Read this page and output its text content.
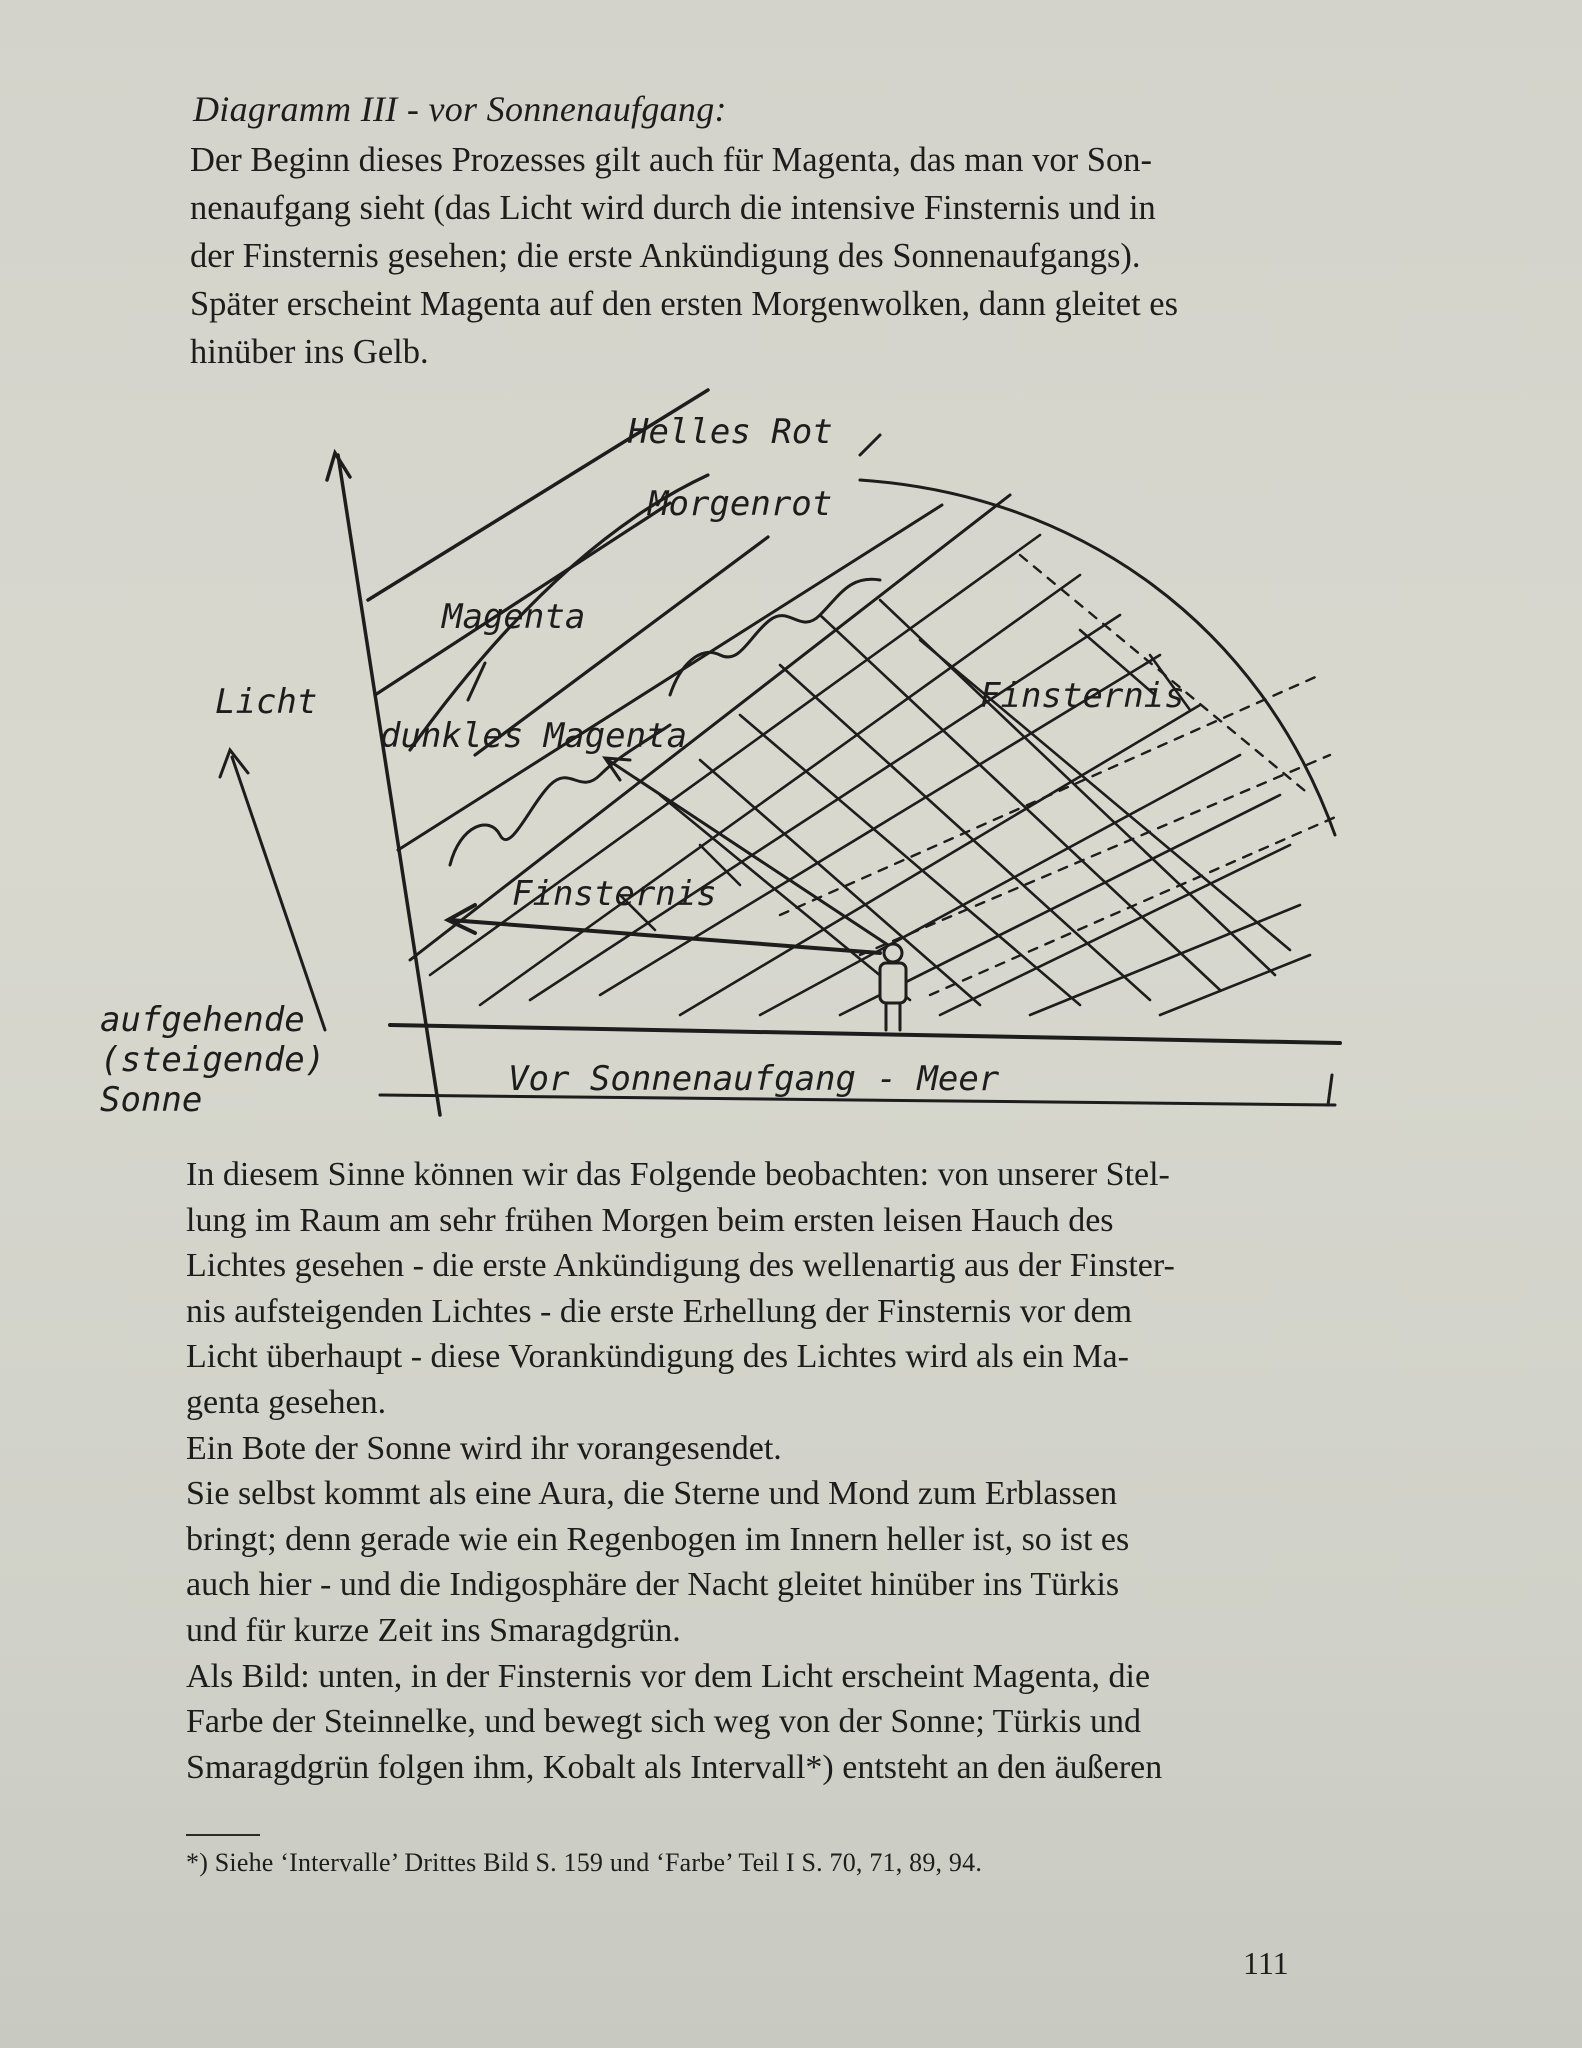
Diagramm III - vor Sonnenaufgang:

Der Beginn dieses Prozesses gilt auch für Magenta, das man vor Son-
nenaufgang sieht (das Licht wird durch die intensive Finsternis und in
der Finsternis gesehen; die erste Ankündigung des Sonnenaufgangs).
Später erscheint Magenta auf den ersten Morgenwolken, dann gleitet es
hinüber ins Gelb.

Helles Rot
Morgenrot
Magenta
Licht
dunkles Magenta
Finsternis
Finsternis
aufgehende
(steigende)
Sonne
Vor Sonnenaufgang - Meer

In diesem Sinne können wir das Folgende beobachten: von unserer Stel-
lung im Raum am sehr frühen Morgen beim ersten leisen Hauch des
Lichtes gesehen - die erste Ankündigung des wellenartig aus der Finster-
nis aufsteigenden Lichtes - die erste Erhellung der Finsternis vor dem
Licht überhaupt - diese Vorankündigung des Lichtes wird als ein Ma-
genta gesehen.
Ein Bote der Sonne wird ihr vorangesendet.
Sie selbst kommt als eine Aura, die Sterne und Mond zum Erblassen
bringt; denn gerade wie ein Regenbogen im Innern heller ist, so ist es
auch hier - und die Indigosphäre der Nacht gleitet hinüber ins Türkis
und für kurze Zeit ins Smaragdgrün.
Als Bild: unten, in der Finsternis vor dem Licht erscheint Magenta, die
Farbe der Steinnelke, und bewegt sich weg von der Sonne; Türkis und
Smaragdgrün folgen ihm, Kobalt als Intervall*) entsteht an den äußeren

*) Siehe ‘Intervalle’ Drittes Bild S. 159 und ‘Farbe’ Teil I S. 70, 71, 89, 94.

111
